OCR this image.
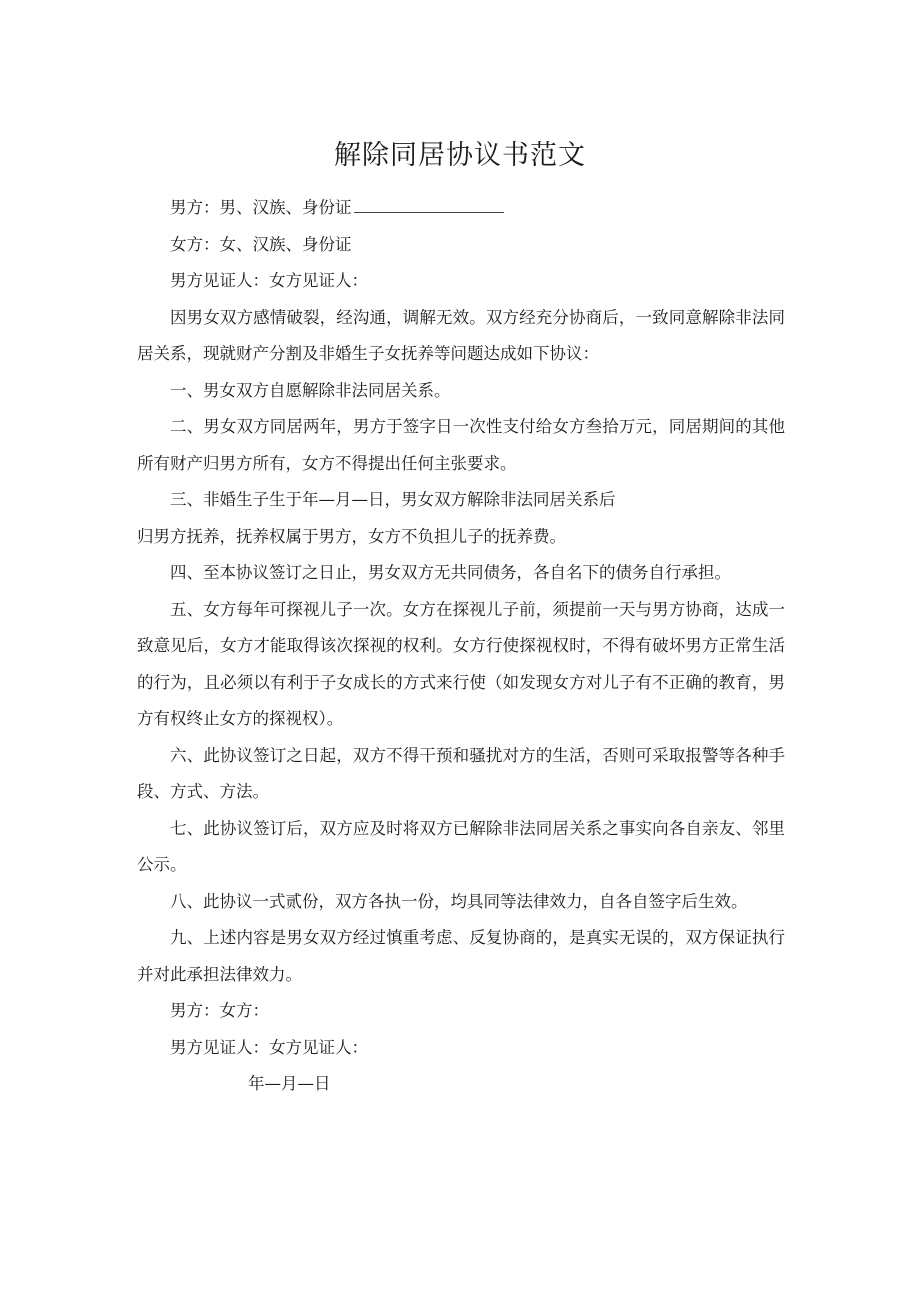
解除同居协议书范文

男方：男、汉族、身份证

女方：女、汉族、身份证

男方见证人：女方见证人：

因男女双方感情破裂，经沟通，调解无效。双方经充分协商后，一致同意解除非法同居关系，现就财产分割及非婚生子女抚养等问题达成如下协议：

一、男女双方自愿解除非法同居关系。

二、男女双方同居两年，男方于签字日一次性支付给女方叁拾万元，同居期间的其他所有财产归男方所有，女方不得提出任何主张要求。

三、非婚生子生于年—月—日，男女双方解除非法同居关系后

归男方抚养，抚养权属于男方，女方不负担儿子的抚养费。

四、至本协议签订之日止，男女双方无共同债务，各自名下的债务自行承担。

五、女方每年可探视儿子一次。女方在探视儿子前，须提前一天与男方协商，达成一致意见后，女方才能取得该次探视的权利。女方行使探视权时，不得有破坏男方正常生活的行为，且必须以有利于子女成长的方式来行使（如发现女方对儿子有不正确的教育，男方有权终止女方的探视权）。

六、此协议签订之日起，双方不得干预和骚扰对方的生活，否则可采取报警等各种手段、方式、方法。

七、此协议签订后，双方应及时将双方已解除非法同居关系之事实向各自亲友、邻里公示。

八、此协议一式贰份，双方各执一份，均具同等法律效力，自各自签字后生效。

九、上述内容是男女双方经过慎重考虑、反复协商的，是真实无误的，双方保证执行并对此承担法律效力。

男方：女方：

男方见证人：女方见证人：

年—月—日
